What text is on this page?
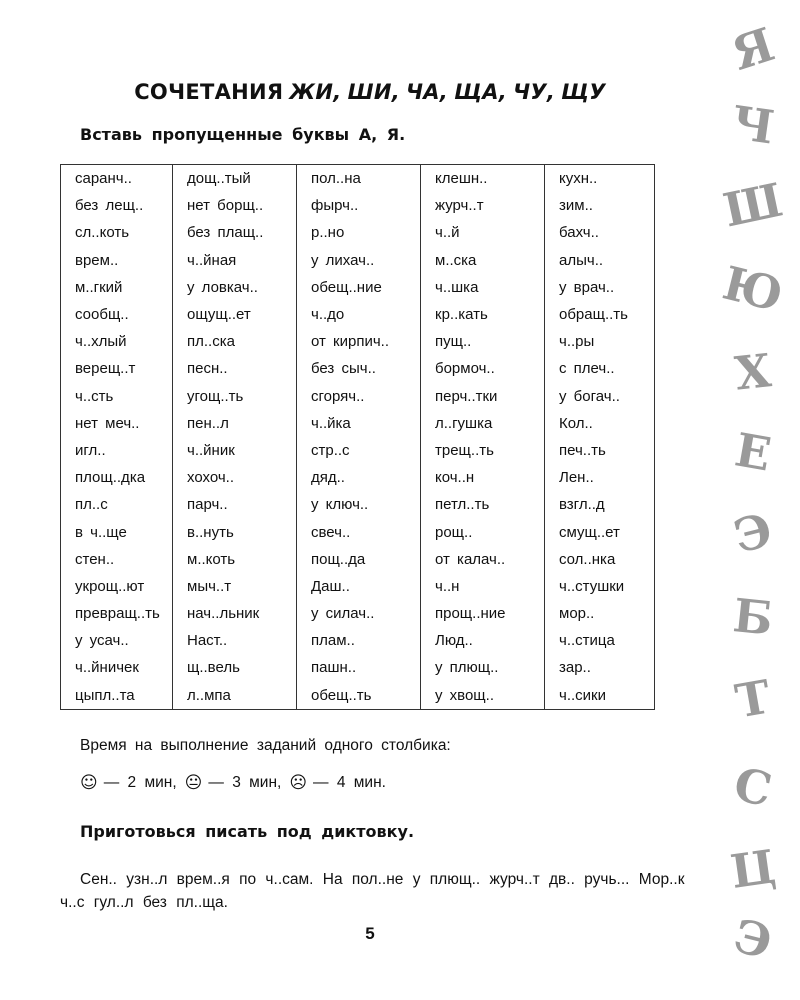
СОЧЕТАНИЯ ЖИ, ШИ, ЧА, ЩА, ЧУ, ЩУ
Вставь пропущенные буквы А, Я.
саранч..	дощ..тый	пол..на	клешн..	кухн..
без лещ..	нет борщ..	фырч..	журч..т	зим..
сл..коть	без плащ..	р..но	ч..й	бахч..
врем..	ч..йная	у лихач..	м..ска	алыч..
м..гкий	у ловкач..	обещ..ние	ч..шка	у врач..
сообщ..	ощущ..ет	ч..до	кр..кать	обращ..ть
ч..хлый	пл..ска	от кирпич..	пущ..	ч..ры
верещ..т	песн..	без сыч..	бормоч..	с плеч..
ч..сть	угощ..ть	сгоряч..	перч..тки	у богач..
нет меч..	пен..л	ч..йка	л..гушка	Кол..
игл..	ч..йник	стр..с	трещ..ть	печ..ть
площ..дка	хохоч..	дяд..	коч..н	Лен..
пл..с	парч..	у ключ..	петл..ть	взгл..д
в ч..ще	в..нуть	свеч..	рощ..	смущ..ет
стен..	м..коть	пощ..да	от калач..	сол..нка
укрощ..ют	мыч..т	Даш..	ч..н	ч..стушки
превращ..ть	нач..льник	у силач..	прощ..ние	мор..
у усач..	Наст..	плам..	Люд..	ч..стица
ч..йничек	щ..вель	пашн..	у плющ..	зар..
цыпл..та	л..мпа	обещ..ть	у хвощ..	ч..сики
Время на выполнение заданий одного столбика:
☺ — 2 мин, 😐 — 3 мин, ☹ — 4 мин.
Приготовься писать под диктовку.
Сен.. узн..л врем..я по ч..сам. На пол..не у плющ.. журч..т дв.. ручь... Мор..к ч..с гул..л без пл..ща.
5
Я
Ч
Ш
Ю
Х
Е
Э
Б
Т
С
Ц
Э
